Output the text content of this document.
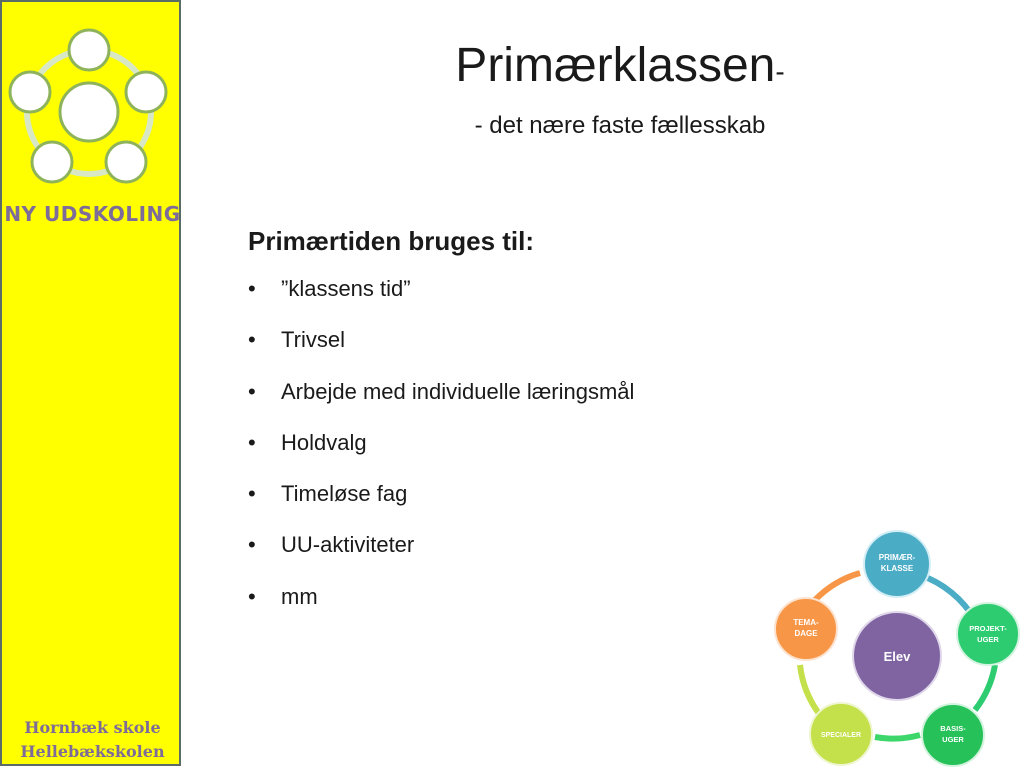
NY UDSKOLING
Hornbæk skole
Hellebækskolen
Primærklassen-
- det nære faste fællesskab
Primærtiden bruges til:
• ”klassens tid”
• Trivsel
• Arbejde med individuelle læringsmål
• Holdvalg
• Timeløse fag
• UU-aktiviteter
• mm
Elev
PRIMÆR-
KLASSE
PROJEKT-
UGER
BASIS-
UGER
SPECIALER
TEMA-
DAGE
